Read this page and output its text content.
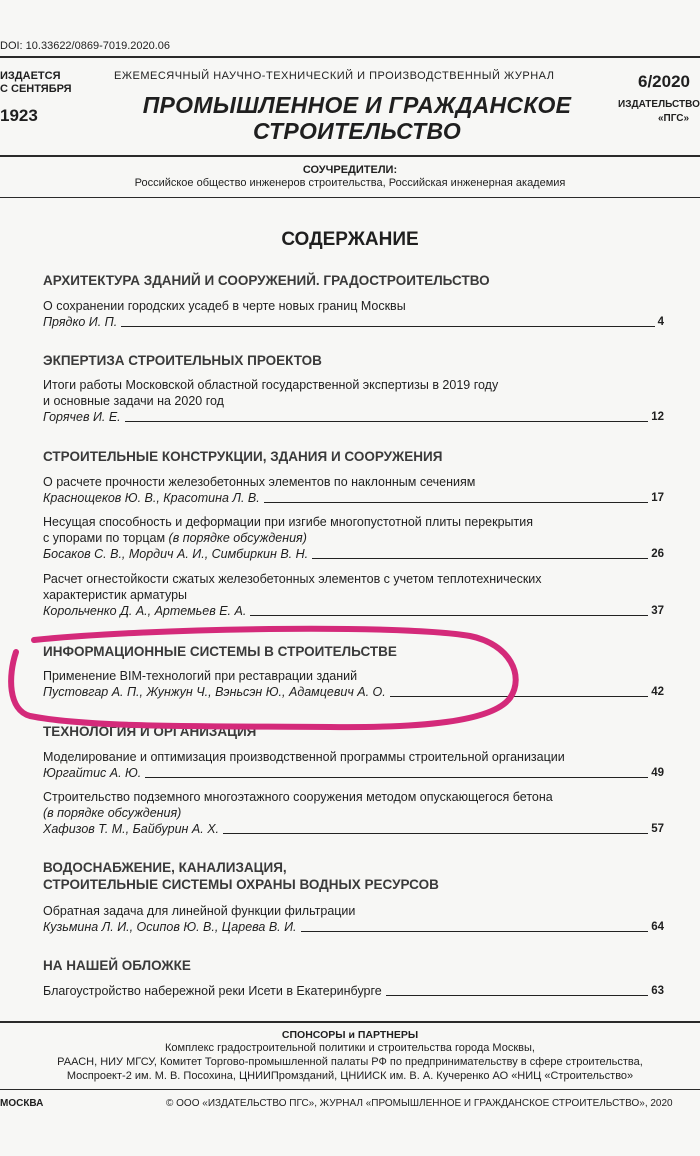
DOI: 10.33622/0869-7019.2020.06
ИЗДАЕТСЯ
С СЕНТЯБРЯ
1923
ЕЖЕМЕСЯЧНЫЙ НАУЧНО-ТЕХНИЧЕСКИЙ И ПРОИЗВОДСТВЕННЫЙ ЖУРНАЛ
ПРОМЫШЛЕННОЕ И ГРАЖДАНСКОЕ СТРОИТЕЛЬСТВО
6/2020
ИЗДАТЕЛЬСТВО
«ПГС»
СОУЧРЕДИТЕЛИ:
Российское общество инженеров строительства, Российская инженерная академия
СОДЕРЖАНИЕ
АРХИТЕКТУРА ЗДАНИЙ И СООРУЖЕНИЙ. ГРАДОСТРОИТЕЛЬСТВО
О сохранении городских усадеб в черте новых границ Москвы
Прядко И. П.	4
ЭКПЕРТИЗА СТРОИТЕЛЬНЫХ ПРОЕКТОВ
Итоги работы Московской областной государственной экспертизы в 2019 году
и основные задачи на 2020 год
Горячев И. Е.	12
СТРОИТЕЛЬНЫЕ КОНСТРУКЦИИ, ЗДАНИЯ И СООРУЖЕНИЯ
О расчете прочности железобетонных элементов по наклонным сечениям
Краснощеков Ю. В., Красотина Л. В.	17
Несущая способность и деформации при изгибе многопустотной плиты перекрытия
с упорами по торцам (в порядке обсуждения)
Босаков С. В., Мордич А. И., Симбиркин В. Н.	26
Расчет огнестойкости сжатых железобетонных элементов с учетом теплотехнических
характеристик арматуры
Корольченко Д. А., Артемьев Е. А.	37
ИНФОРМАЦИОННЫЕ СИСТЕМЫ В СТРОИТЕЛЬСТВЕ
Применение BIM-технологий при реставрации зданий
Пустовгар А. П., Жунжун Ч., Вэньсэн Ю., Адамцевич А. О.	42
ТЕХНОЛОГИЯ И ОРГАНИЗАЦИЯ
Моделирование и оптимизация производственной программы строительной организации
Юргайтис А. Ю.	49
Строительство подземного многоэтажного сооружения методом опускающегося бетона
(в порядке обсуждения)
Хафизов Т. М., Байбурин А. Х.	57
ВОДОСНАБЖЕНИЕ, КАНАЛИЗАЦИЯ,
СТРОИТЕЛЬНЫЕ СИСТЕМЫ ОХРАНЫ ВОДНЫХ РЕСУРСОВ
Обратная задача для линейной функции фильтрации
Кузьмина Л. И., Осипов Ю. В., Царева В. И.	64
НА НАШЕЙ ОБЛОЖКЕ
Благоустройство набережной реки Исети в Екатеринбурге	63
СПОНСОРЫ и ПАРТНЕРЫ
Комплекс градостроительной политики и строительства города Москвы,
РААСН, НИУ МГСУ, Комитет Торгово-промышленной палаты РФ по предпринимательству в сфере строительства,
Моспроект-2 им. М. В. Посохина, ЦНИИПромзданий, ЦНИИСК им. В. А. Кучеренко АО «НИЦ «Строительство»
МОСКВА	© ООО «ИЗДАТЕЛЬСТВО ПГС», ЖУРНАЛ «ПРОМЫШЛЕННОЕ И ГРАЖДАНСКОЕ СТРОИТЕЛЬСТВО», 2020
